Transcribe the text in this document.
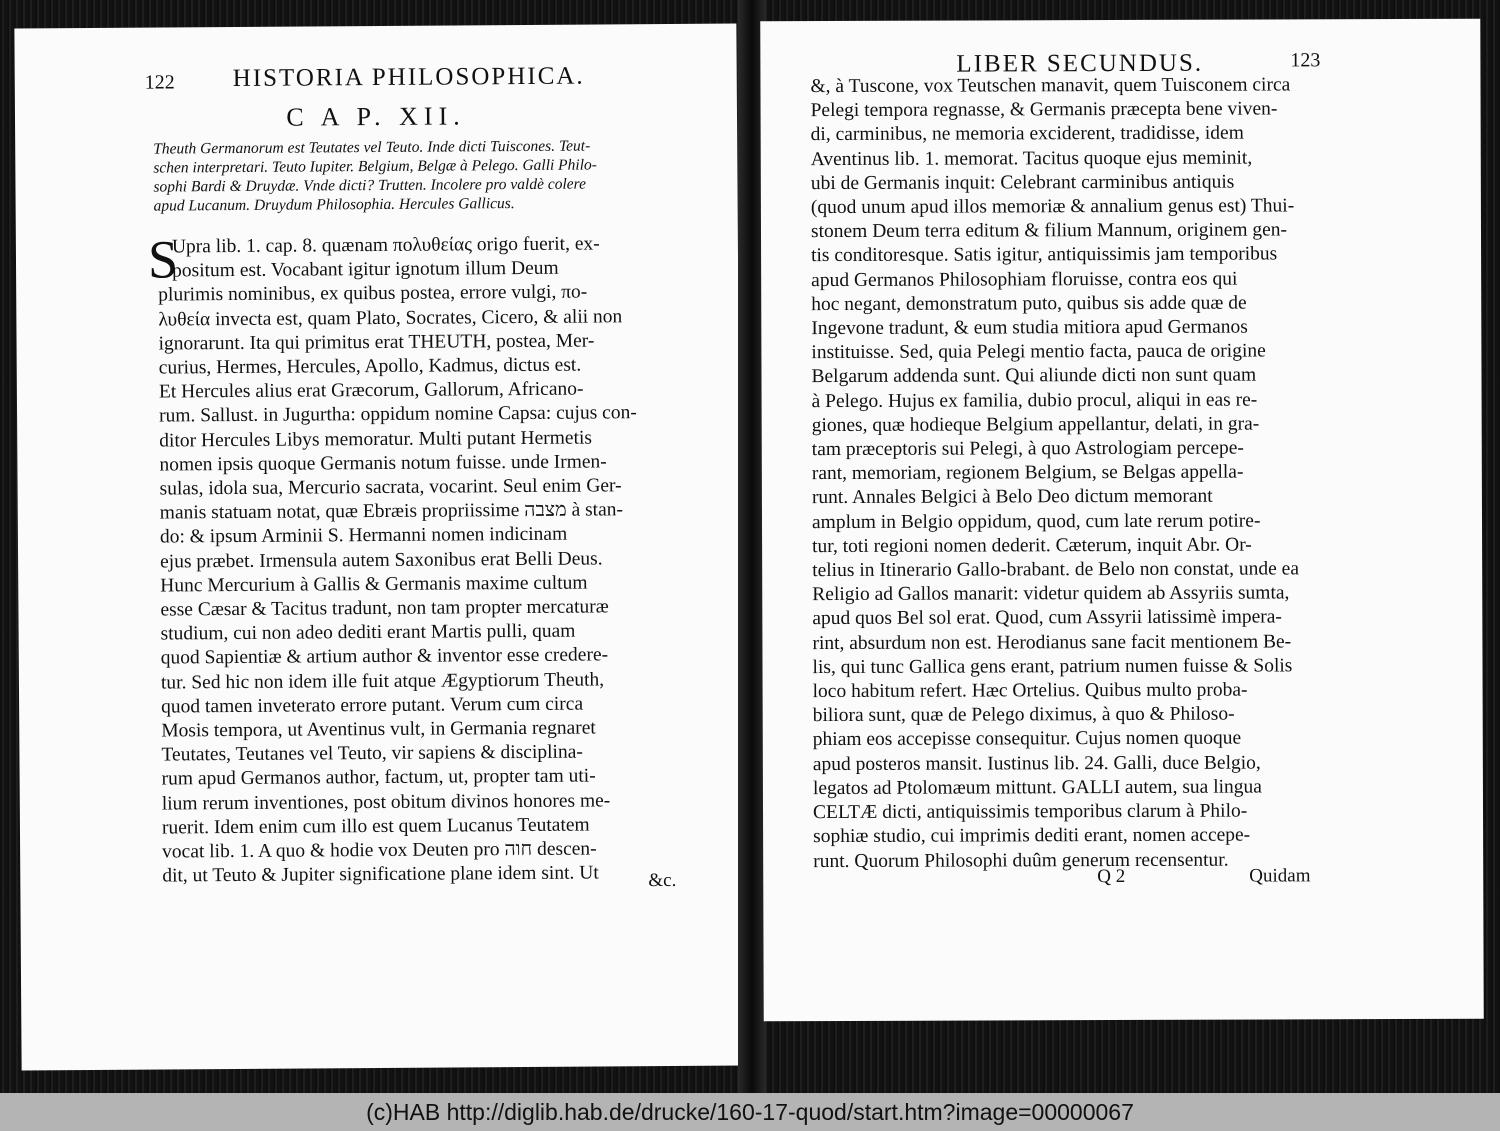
122 HISTORIA PHILOSOPHICA.
C A P. XII.
Theuth Germanorum est Teutates vel Teuto. Inde dicti Tuiscones. Teut-
schen interpretari. Teuto Iupiter. Belgium, Belgæ à Pelego. Galli Philo-
sophi Bardi & Druydæ. Vnde dicti? Trutten. Incolere pro valdè colere
apud Lucanum. Druydum Philosophia. Hercules Gallicus.
S
Upra lib. 1. cap. 8. quænam πολυθείας origo fuerit, ex-
positum est. Vocabant igitur ignotum illum Deum
plurimis nominibus, ex quibus postea, errore vulgi, πο-
λυθεία invecta est, quam Plato, Socrates, Cicero, & alii non
ignorarunt. Ita qui primitus erat THEUTH, postea, Mer-
curius, Hermes, Hercules, Apollo, Kadmus, dictus est.
Et Hercules alius erat Græcorum, Gallorum, Africano-
rum. Sallust. in Jugurtha: oppidum nomine Capsa: cujus con-
ditor Hercules Libys memoratur. Multi putant Hermetis
nomen ipsis quoque Germanis notum fuisse. unde Irmen-
sulas, idola sua, Mercurio sacrata, vocarint. Seul enim Ger-
manis statuam notat, quæ Ebræis propriissime מצבה à stan-
do: & ipsum Arminii S. Hermanni nomen indicinam
ejus præbet. Irmensula autem Saxonibus erat Belli Deus.
Hunc Mercurium à Gallis & Germanis maxime cultum
esse Cæsar & Tacitus tradunt, non tam propter mercaturæ
studium, cui non adeo dediti erant Martis pulli, quam
quod Sapientiæ & artium author & inventor esse credere-
tur. Sed hic non idem ille fuit atque Ægyptiorum Theuth,
quod tamen inveterato errore putant. Verum cum circa
Mosis tempora, ut Aventinus vult, in Germania regnaret
Teutates, Teutanes vel Teuto, vir sapiens & disciplina-
rum apud Germanos author, factum, ut, propter tam uti-
lium rerum inventiones, post obitum divinos honores me-
ruerit. Idem enim cum illo est quem Lucanus Teutatem
vocat lib. 1. A quo & hodie vox Deuten pro חוה descen-
dit, ut Teuto & Jupiter significatione plane idem sint. Ut	&c.
LIBER SECUNDUS.	123
&, à Tuscone, vox Teutschen manavit, quem Tuisconem circa
Pelegi tempora regnasse, & Germanis præcepta bene viven-
di, carminibus, ne memoria exciderent, tradidisse, idem
Aventinus lib. 1. memorat. Tacitus quoque ejus meminit,
ubi de Germanis inquit: Celebrant carminibus antiquis
(quod unum apud illos memoriæ & annalium genus est) Thui-
stonem Deum terra editum & filium Mannum, originem gen-
tis conditoresque. Satis igitur, antiquissimis jam temporibus
apud Germanos Philosophiam floruisse, contra eos qui
hoc negant, demonstratum puto, quibus sis adde quæ de
Ingevone tradunt, & eum studia mitiora apud Germanos
instituisse. Sed, quia Pelegi mentio facta, pauca de origine
Belgarum addenda sunt. Qui aliunde dicti non sunt quam
à Pelego. Hujus ex familia, dubio procul, aliqui in eas re-
giones, quæ hodieque Belgium appellantur, delati, in gra-
tam præceptoris sui Pelegi, à quo Astrologiam percepe-
rant, memoriam, regionem Belgium, se Belgas appella-
runt. Annales Belgici à Belo Deo dictum memorant
amplum in Belgio oppidum, quod, cum late rerum potire-
tur, toti regioni nomen dederit. Cæterum, inquit Abr. Or-
telius in Itinerario Gallo-brabant. de Belo non constat, unde ea
Religio ad Gallos manarit: videtur quidem ab Assyriis sumta,
apud quos Bel sol erat. Quod, cum Assyrii latissimè impera-
rint, absurdum non est. Herodianus sane facit mentionem Be-
lis, qui tunc Gallica gens erant, patrium numen fuisse & Solis
loco habitum refert. Hæc Ortelius. Quibus multo proba-
biliora sunt, quæ de Pelego diximus, à quo & Philoso-
phiam eos accepisse consequitur. Cujus nomen quoque
apud posteros mansit. Iustinus lib. 24. Galli, duce Belgio,
legatos ad Ptolomæum mittunt. GALLI autem, sua lingua
CELTÆ dicti, antiquissimis temporibus clarum à Philo-
sophiæ studio, cui imprimis dediti erant, nomen accepe-
runt. Quorum Philosophi duûm generum recensentur.
Q 2	Quidam
(c)HAB http://diglib.hab.de/drucke/160-17-quod/start.htm?image=00000067
